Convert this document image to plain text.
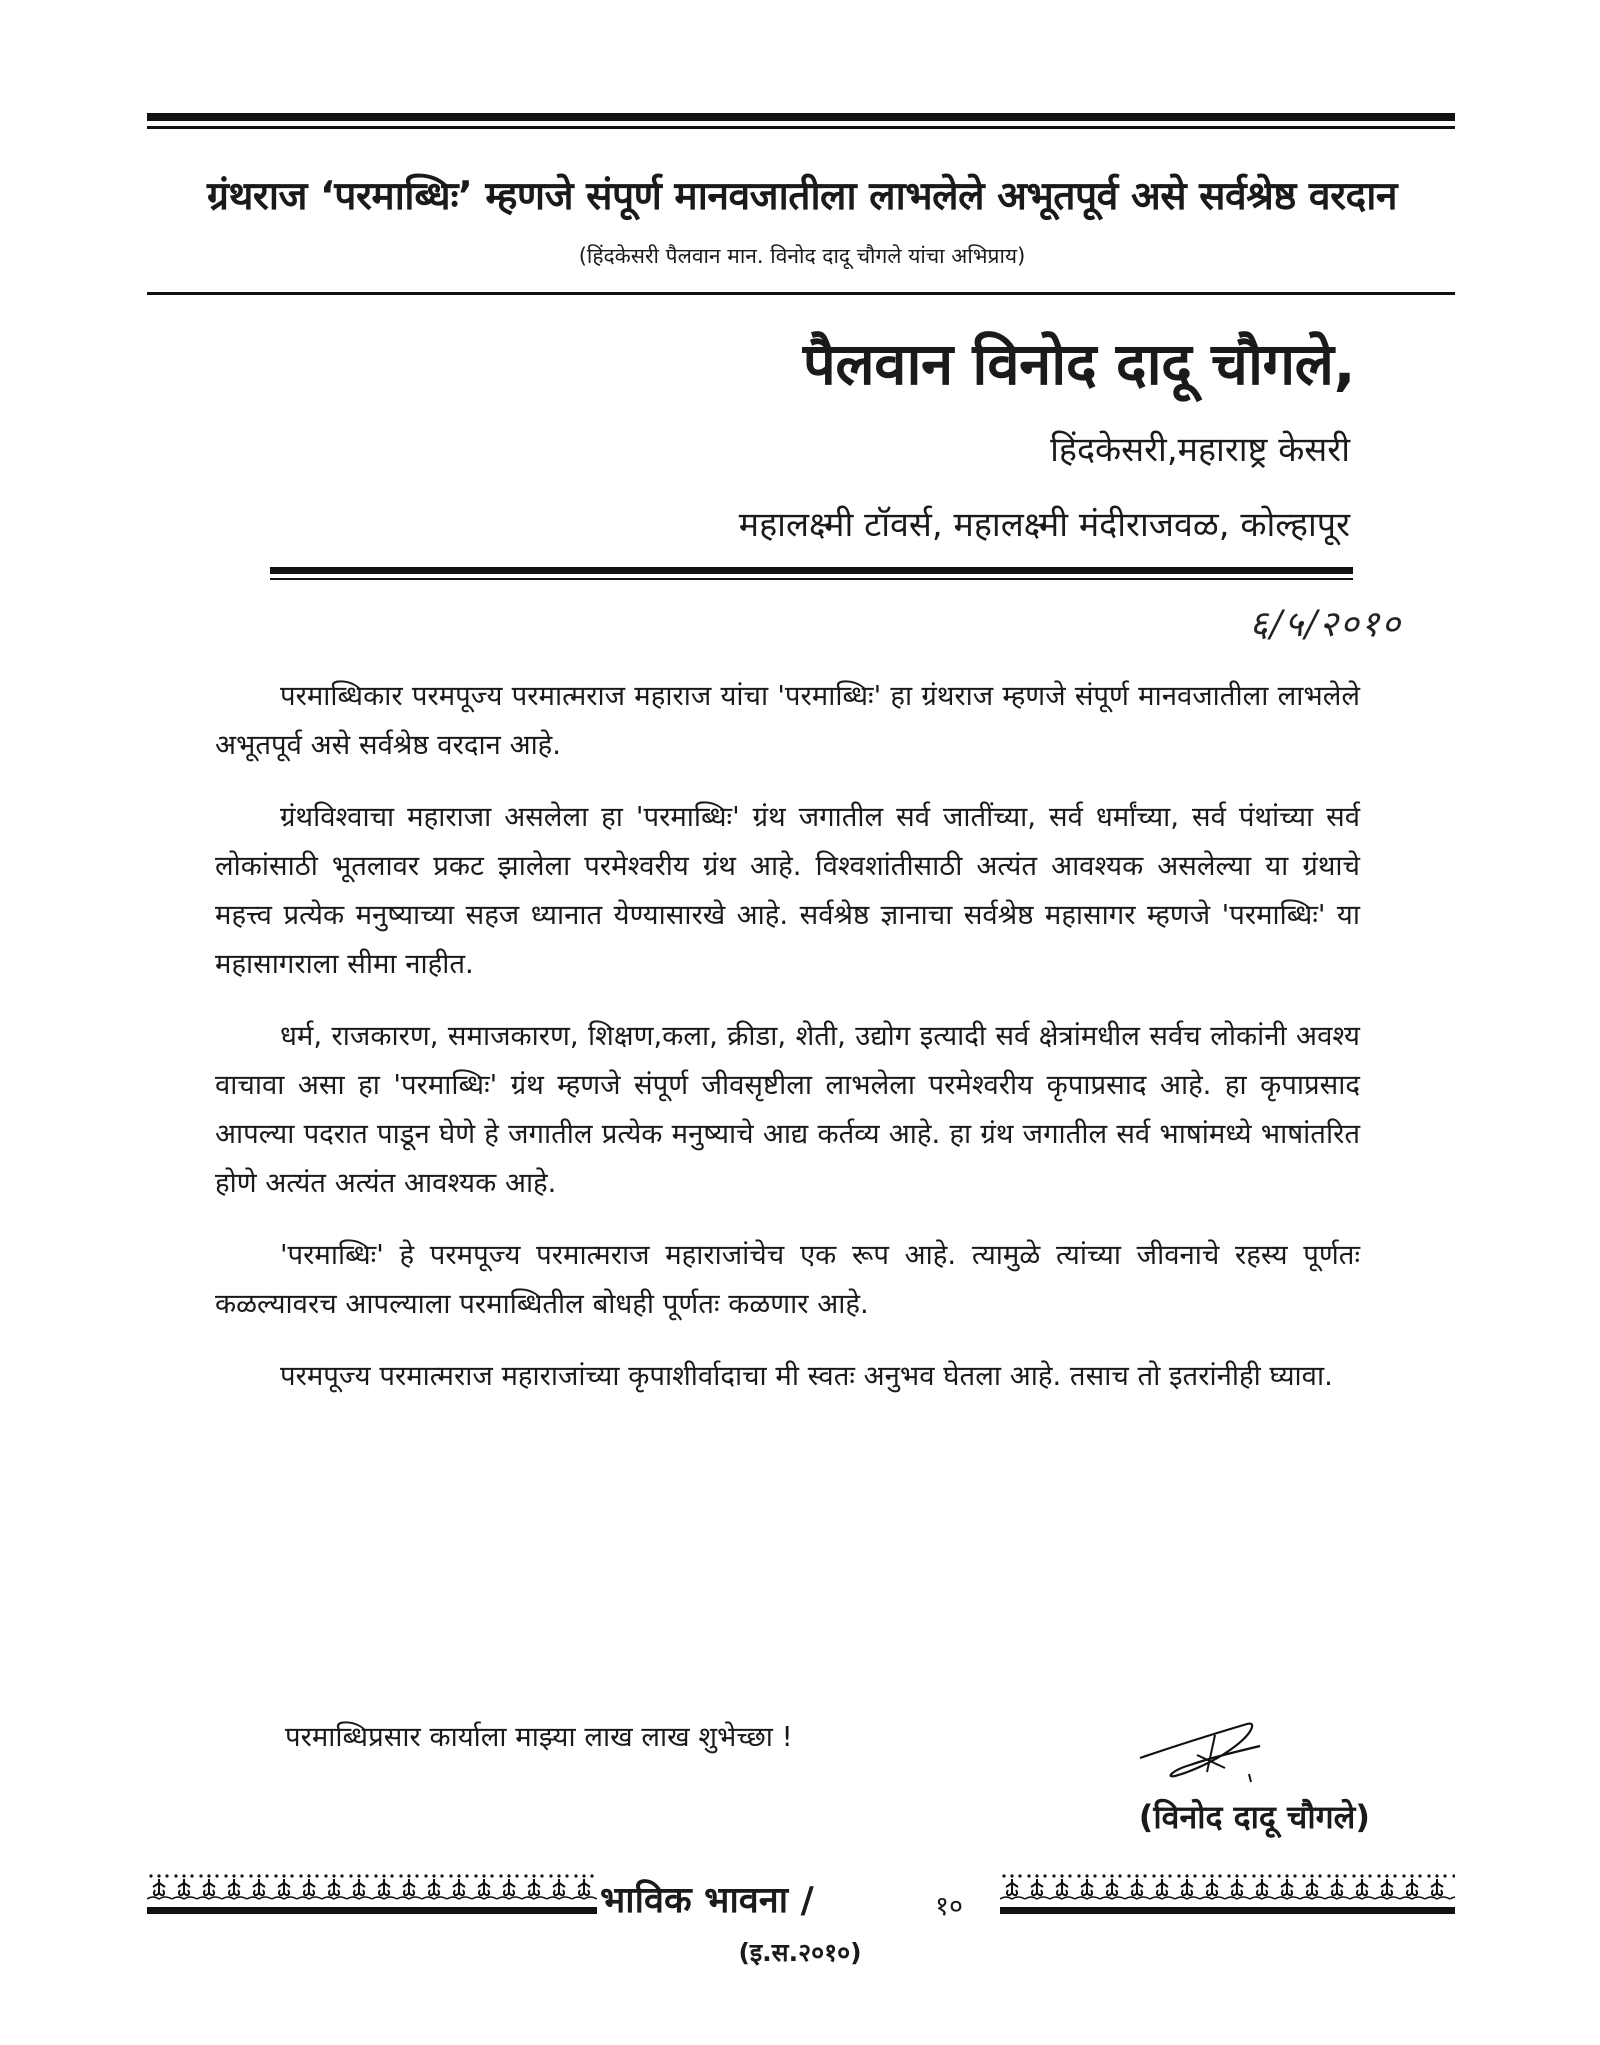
ग्रंथराज ‘परमाब्धिः’ म्हणजे संपूर्ण मानवजातीला लाभलेले अभूतपूर्व असे सर्वश्रेष्ठ वरदान
(हिंदकेसरी पैलवान मान. विनोद दादू चौगले यांचा अभिप्राय)
पैलवान विनोद दादू चौगले,
हिंदकेसरी,महाराष्ट्र केसरी
महालक्ष्मी टॉवर्स, महालक्ष्मी मंदीराजवळ, कोल्हापूर
६/५/२०१०

परमाब्धिकार परमपूज्य परमात्मराज महाराज यांचा 'परमाब्धिः' हा ग्रंथराज म्हणजे संपूर्ण मानवजातीला लाभलेले अभूतपूर्व असे सर्वश्रेष्ठ वरदान आहे.

ग्रंथविश्वाचा महाराजा असलेला हा 'परमाब्धिः' ग्रंथ जगातील सर्व जातींच्या, सर्व धर्मांच्या, सर्व पंथांच्या सर्व लोकांसाठी भूतलावर प्रकट झालेला परमेश्वरीय ग्रंथ आहे. विश्वशांतीसाठी अत्यंत आवश्यक असलेल्या या ग्रंथाचे महत्त्व प्रत्येक मनुष्याच्या सहज ध्यानात येण्यासारखे आहे. सर्वश्रेष्ठ ज्ञानाचा सर्वश्रेष्ठ महासागर म्हणजे 'परमाब्धिः' या महासागराला सीमा नाहीत.

धर्म, राजकारण, समाजकारण, शिक्षण,कला, क्रीडा, शेती, उद्योग इत्यादी सर्व क्षेत्रांमधील सर्वच लोकांनी अवश्य वाचावा असा हा 'परमाब्धिः' ग्रंथ म्हणजे संपूर्ण जीवसृष्टीला लाभलेला परमेश्वरीय कृपाप्रसाद आहे. हा कृपाप्रसाद आपल्या पदरात पाडून घेणे हे जगातील प्रत्येक मनुष्याचे आद्य कर्तव्य आहे. हा ग्रंथ जगातील सर्व भाषांमध्ये भाषांतरित होणे अत्यंत अत्यंत आवश्यक आहे.

'परमाब्धिः' हे परमपूज्य परमात्मराज महाराजांचेच एक रूप आहे. त्यामुळे त्यांच्या जीवनाचे रहस्य पूर्णतः कळल्यावरच आपल्याला परमाब्धितील बोधही पूर्णतः कळणार आहे.

परमपूज्य परमात्मराज महाराजांच्या कृपाशीर्वादाचा मी स्वतः अनुभव घेतला आहे. तसाच तो इतरांनीही घ्यावा.

परमाब्धिप्रसार कार्याला माझ्या लाख लाख शुभेच्छा !
(विनोद दादू चौगले)
भाविक भावना /	१०
(इ.स.२०१०)
